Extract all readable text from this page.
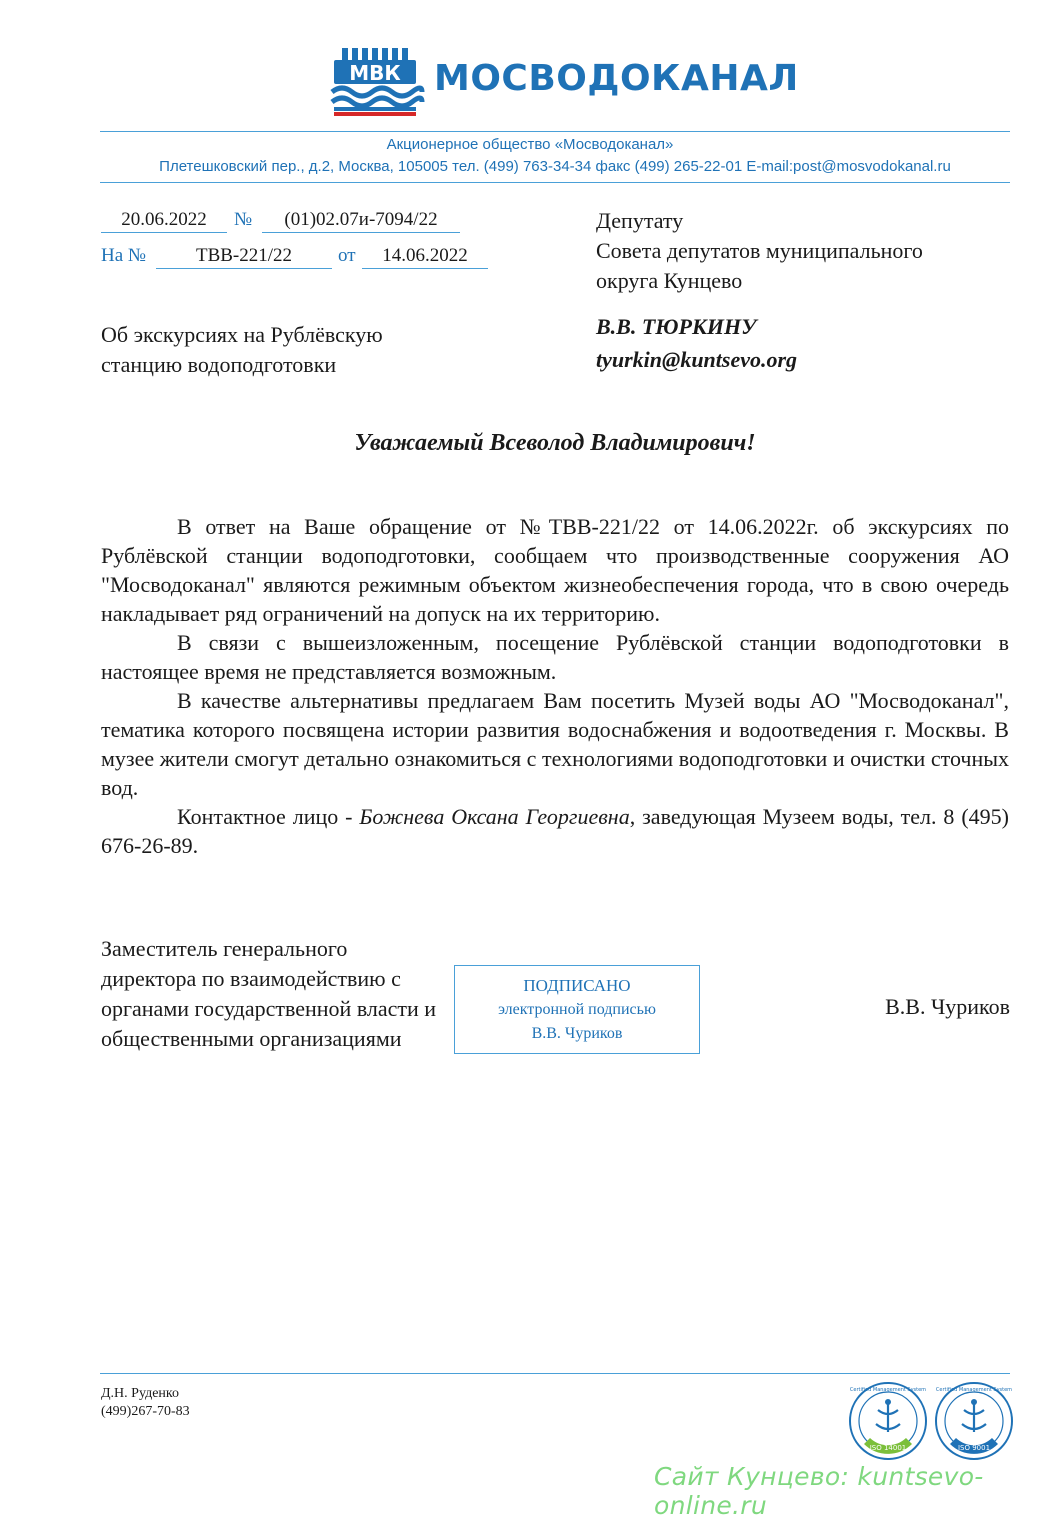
МВК МОСВОДОКАНАЛ
Акционерное общество «Мосводоканал»
Плетешковский пер., д.2, Москва, 105005 тел. (499) 763-34-34 факс (499) 265-22-01 E-mail:post@mosvodokanal.ru
20.06.2022	№	(01)02.07и-7094/22
На №	ТВВ-221/22	от	14.06.2022
Депутату
Совета депутатов муниципального
округа Кунцево
В.В. ТЮРКИНУ
tyurkin@kuntsevo.org
Об экскурсиях на Рублёвскую станцию водоподготовки
Уважаемый Всеволод Владимирович!

В ответ на Ваше обращение от №ТВВ-221/22 от 14.06.2022г. об экскурсиях по Рублёвской станции водоподготовки, сообщаем что производственные сооружения АО "Мосводоканал" являются режимным объектом жизнеобеспечения города, что в свою очередь накладывает ряд ограничений на допуск на их территорию.

В связи с вышеизложенным, посещение Рублёвской станции водоподготовки в настоящее время не представляется возможным.

В качестве альтернативы предлагаем Вам посетить Музей воды АО "Мосводоканал", тематика которого посвящена истории развития водоснабжения и водоотведения г. Москвы. В музее жители смогут детально ознакомиться с технологиями водоподготовки и очистки сточных вод.

Контактное лицо - Божнева Оксана Георгиевна, заведующая Музеем воды, тел. 8 (495) 676-26-89.

Заместитель генерального директора по взаимодействию с органами государственной власти и общественными организациями
ПОДПИСАНО
электронной подписью
В.В. Чуриков
В.В. Чуриков
Д.Н. Руденко
(499)267-70-83
ISO 14001
Certified Management System
ISO 9001
Certified Management System
Сайт Кунцево: kuntsevo-online.ru
